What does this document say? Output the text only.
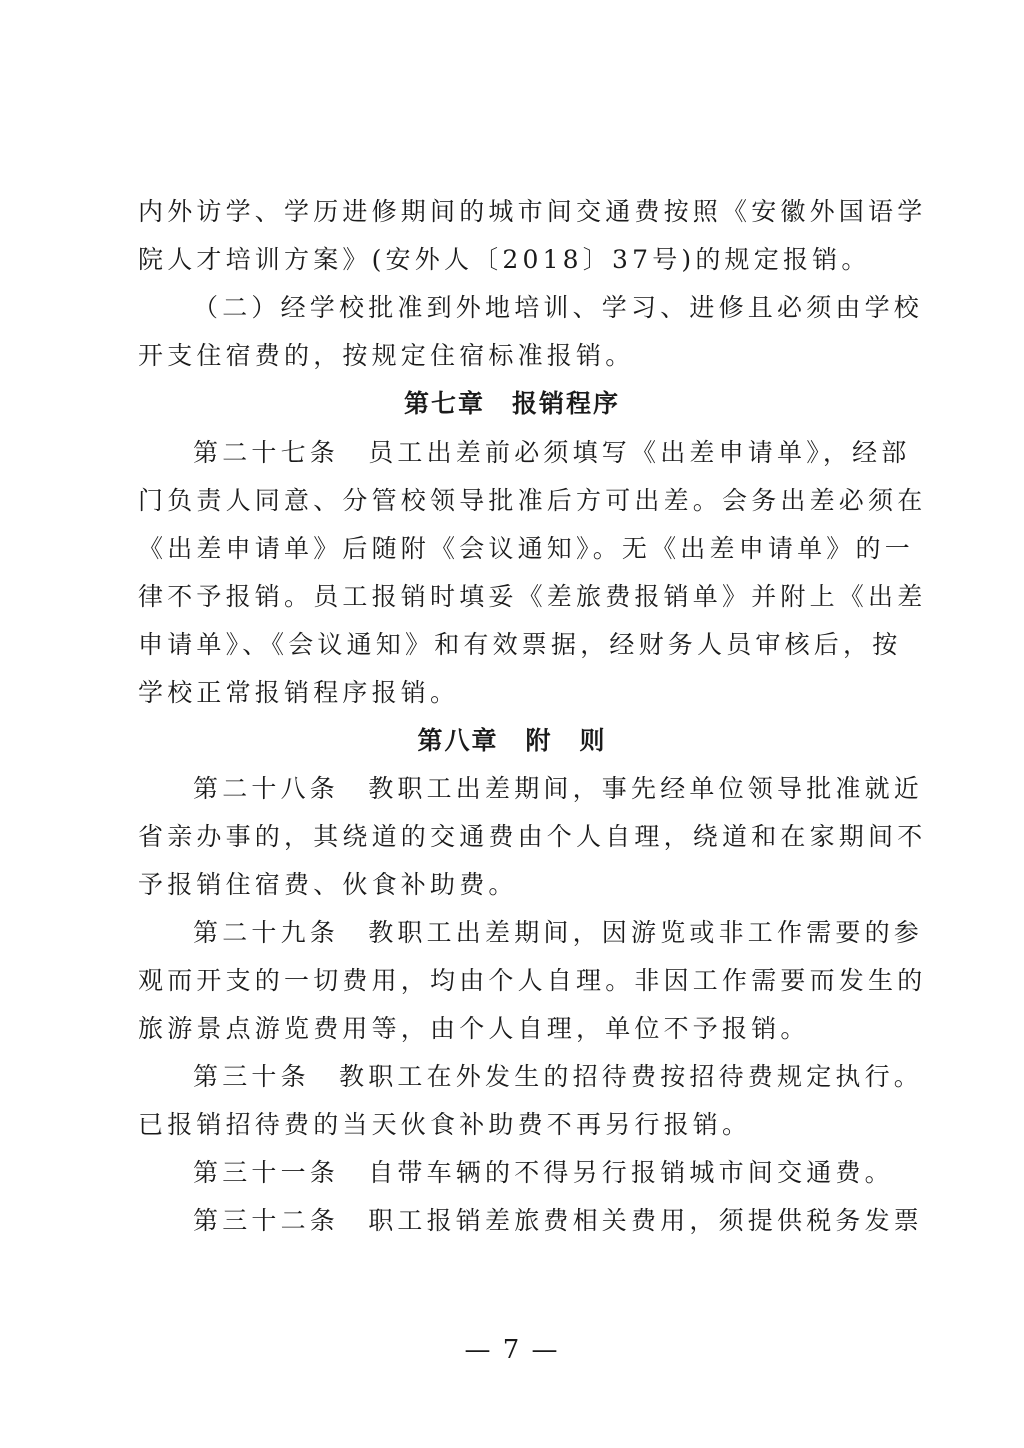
内外访学、学历进修期间的城市间交通费按照《安徽外国语学
院人才培训方案》(安外人〔2018〕37号)的规定报销。
（二）经学校批准到外地培训、学习、进修且必须由学校
开支住宿费的，按规定住宿标准报销。
第七章　报销程序
第二十七条　员工出差前必须填写《出差申请单》，经部
门负责人同意、分管校领导批准后方可出差。会务出差必须在
《出差申请单》后随附《会议通知》。无《出差申请单》的一
律不予报销。员工报销时填妥《差旅费报销单》并附上《出差
申请单》、《会议通知》和有效票据，经财务人员审核后，按
学校正常报销程序报销。
第八章　附　则
第二十八条　教职工出差期间，事先经单位领导批准就近
省亲办事的，其绕道的交通费由个人自理，绕道和在家期间不
予报销住宿费、伙食补助费。
第二十九条　教职工出差期间，因游览或非工作需要的参
观而开支的一切费用，均由个人自理。非因工作需要而发生的
旅游景点游览费用等，由个人自理，单位不予报销。
第三十条　教职工在外发生的招待费按招待费规定执行。
已报销招待费的当天伙食补助费不再另行报销。
第三十一条　自带车辆的不得另行报销城市间交通费。
第三十二条　职工报销差旅费相关费用，须提供税务发票
— 7 —
